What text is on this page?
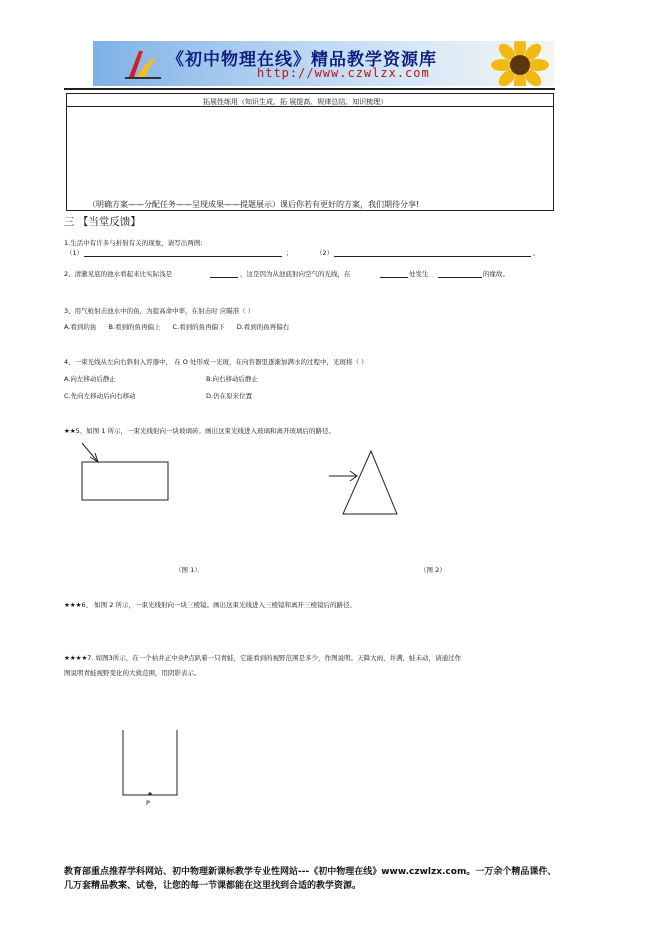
《初中物理在线》精品教学资源库
http://www.czwlzx.com
拓展性练用（知识生成、拓 展提高、规律总结、知识梳理）
（明确方案——分配任务——呈现成果——提题展示）课后你若有更好的方案，我们期待分享!
三 【当堂反馈】
1.生活中有许多与折射有关的现象，请写出两例:
（1）	；	（2）	。
2、清澈见底的池水看起来比实际浅是	，这是因为从池底射向空气的光线，在	处发生	的缘故。
3、用气枪射击池水中的鱼，为提高命中率，在射击时 应瞄准（ ）
A.看到的鱼 B.看到的鱼再偏上 C.看到的鱼再偏下 D.看到的鱼再偏右
4、一束光线从左向右斜射入容器中， 在 O 处形成一光斑，在向容器里逐渐加满水的过程中，光斑将（ ）
A.向左移动后静止	B.向右移动后静止
C.先向左移动后向右移动	D.仍在原来位置
★★5、如图 1 所示，一束光线射向一块玻璃砖。画出这束光线进入玻璃和离开玻璃后的路径。
（图 1）．	（图 2）
★★★6、 如图 2 所示，一束光线射向一块三棱镜。画出这束光线进入三棱镜和离开三棱镜后的路径。
★★★★7. 如图3所示，在一个枯井正中央P点趴着一只青蛙，它能看到的视野范围是多少，作图说明。天降大雨，井满，蛙未动，请通过作
图说明青蛙视野变化的大致范围，用阴影表示。
P
教育部重点推荐学科网站、初中物理新课标教学专业性网站---《初中物理在线》www.czwlzx.com。一万余个精品课件、
几万套精品教案、试卷，让您的每一节课都能在这里找到合适的教学资源。
